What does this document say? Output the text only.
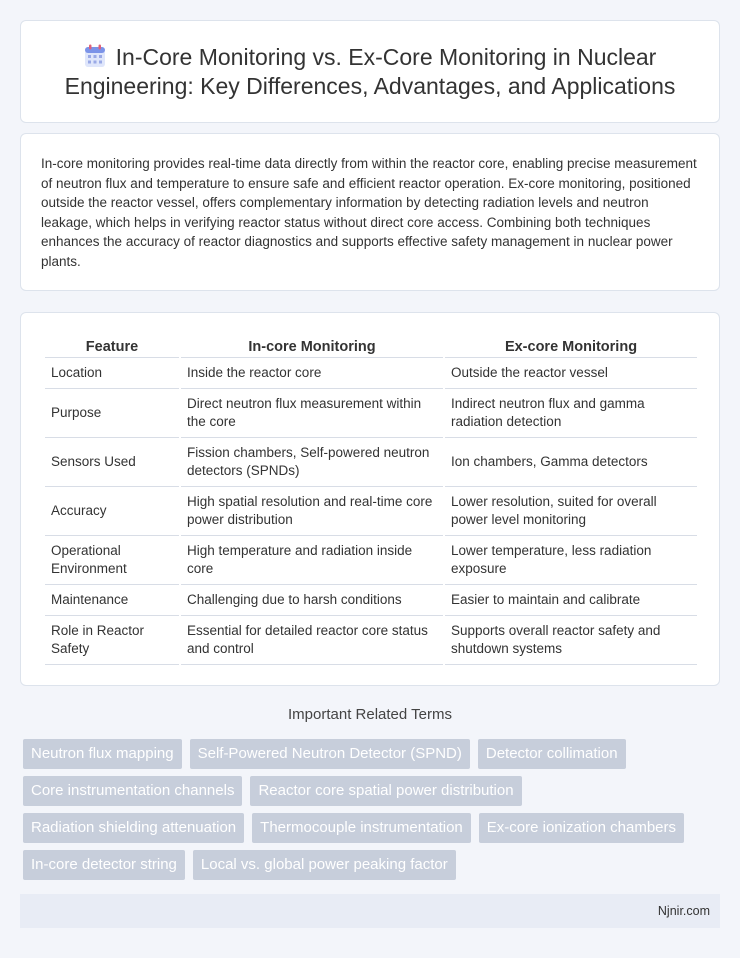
In-Core Monitoring vs. Ex-Core Monitoring in Nuclear Engineering: Key Differences, Advantages, and Applications

In-core monitoring provides real-time data directly from within the reactor core, enabling precise measurement of neutron flux and temperature to ensure safe and efficient reactor operation. Ex-core monitoring, positioned outside the reactor vessel, offers complementary information by detecting radiation levels and neutron leakage, which helps in verifying reactor status without direct core access. Combining both techniques enhances the accuracy of reactor diagnostics and supports effective safety management in nuclear power plants.

Feature	In-core Monitoring	Ex-core Monitoring
Location	Inside the reactor core	Outside the reactor vessel
Purpose	Direct neutron flux measurement within the core	Indirect neutron flux and gamma radiation detection
Sensors Used	Fission chambers, Self-powered neutron detectors (SPNDs)	Ion chambers, Gamma detectors
Accuracy	High spatial resolution and real-time core power distribution	Lower resolution, suited for overall power level monitoring
Operational Environment	High temperature and radiation inside core	Lower temperature, less radiation exposure
Maintenance	Challenging due to harsh conditions	Easier to maintain and calibrate
Role in Reactor Safety	Essential for detailed reactor core status and control	Supports overall reactor safety and shutdown systems
Important Related Terms
Neutron flux mapping	Self-Powered Neutron Detector (SPND)	Detector collimation
Core instrumentation channels	Reactor core spatial power distribution
Radiation shielding attenuation	Thermocouple instrumentation	Ex-core ionization chambers
In-core detector string	Local vs. global power peaking factor
Njnir.com
